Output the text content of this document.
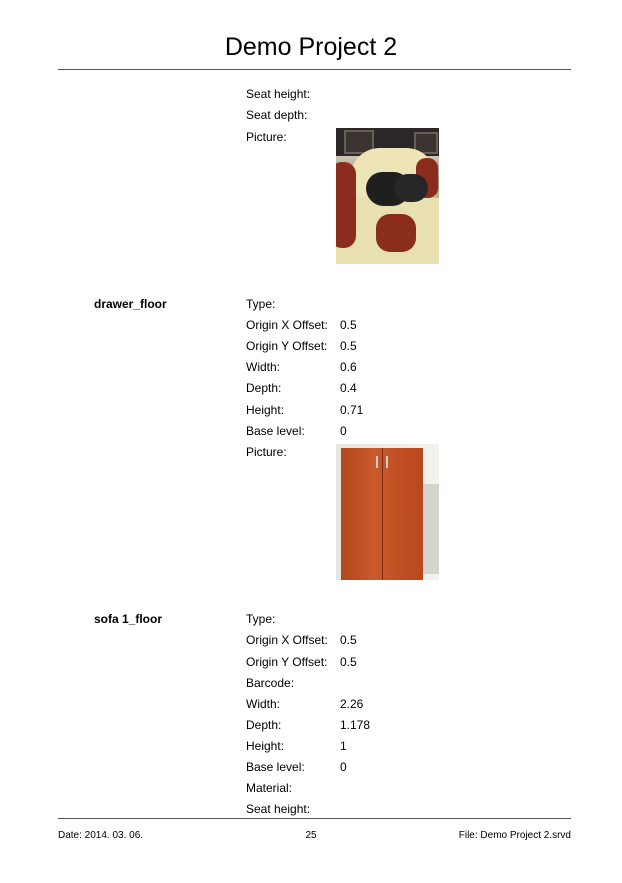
Demo Project 2
Seat height:
Seat depth:
Picture:
drawer_floor	Type:
Origin X Offset: 0.5
Origin Y Offset: 0.5
Width:	0.6
Depth:	0.4
Height:	0.71
Base level:	0
Picture:
sofa 1_floor	Type:
Origin X Offset: 0.5
Origin Y Offset: 0.5
Barcode:
Width:	2.26
Depth:	1.178
Height:	1
Base level:	0
Material:
Seat height:
Date: 2014. 03. 06.	25	File: Demo Project 2.srvd
